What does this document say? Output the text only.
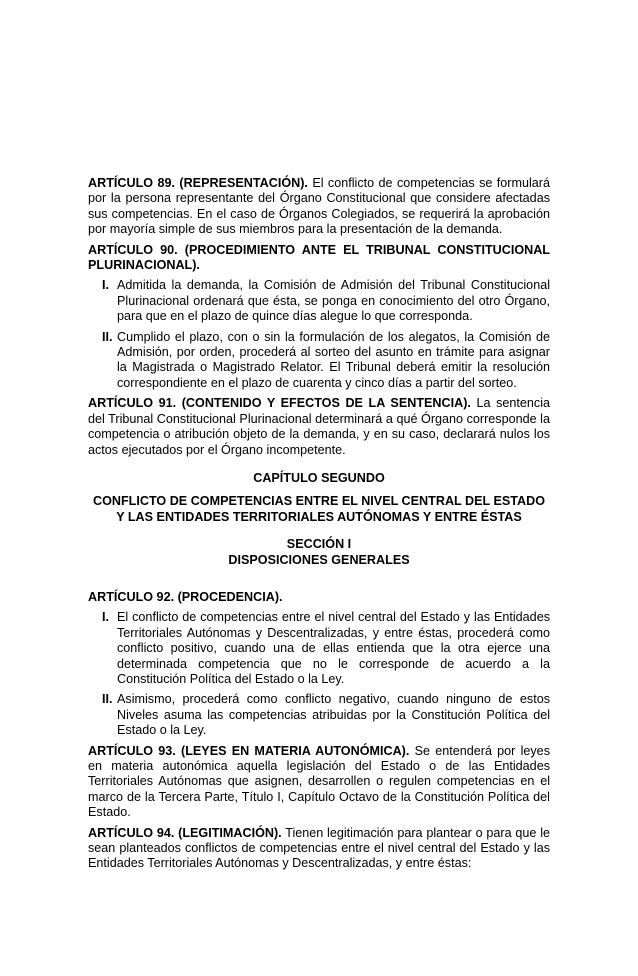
ARTÍCULO 89. (REPRESENTACIÓN). El conflicto de competencias se formulará por la persona representante del Órgano Constitucional que considere afectadas sus competencias. En el caso de Órganos Colegiados, se requerirá la aprobación por mayoría simple de sus miembros para la presentación de la demanda.

ARTÍCULO 90. (PROCEDIMIENTO ANTE EL TRIBUNAL CONSTITUCIONAL PLURINACIONAL).

I. Admitida la demanda, la Comisión de Admisión del Tribunal Constitucional Plurinacional ordenará que ésta, se ponga en conocimiento del otro Órgano, para que en el plazo de quince días alegue lo que corresponda.
II. Cumplido el plazo, con o sin la formulación de los alegatos, la Comisión de Admisión, por orden, procederá al sorteo del asunto en trámite para asignar la Magistrada o Magistrado Relator. El Tribunal deberá emitir la resolución correspondiente en el plazo de cuarenta y cinco días a partir del sorteo.

ARTÍCULO 91. (CONTENIDO Y EFECTOS DE LA SENTENCIA). La sentencia del Tribunal Constitucional Plurinacional determinará a qué Órgano corresponde la competencia o atribución objeto de la demanda, y en su caso, declarará nulos los actos ejecutados por el Órgano incompetente.

CAPÍTULO SEGUNDO

CONFLICTO DE COMPETENCIAS ENTRE EL NIVEL CENTRAL DEL ESTADO

Y LAS ENTIDADES TERRITORIALES AUTÓNOMAS Y ENTRE ÉSTAS

SECCIÓN I

DISPOSICIONES GENERALES

ARTÍCULO 92. (PROCEDENCIA).

I. El conflicto de competencias entre el nivel central del Estado y las Entidades Territoriales Autónomas y Descentralizadas, y entre éstas, procederá como conflicto positivo, cuando una de ellas entienda que la otra ejerce una determinada competencia que no le corresponde de acuerdo a la Constitución Política del Estado o la Ley.
II. Asimismo, procederá como conflicto negativo, cuando ninguno de estos Niveles asuma las competencias atribuidas por la Constitución Política del Estado o la Ley.

ARTÍCULO 93. (LEYES EN MATERIA AUTONÓMICA). Se entenderá por leyes en materia autonómica aquella legislación del Estado o de las Entidades Territoriales Autónomas que asignen, desarrollen o regulen competencias en el marco de la Tercera Parte, Título I, Capítulo Octavo de la Constitución Política del Estado.

ARTÍCULO 94. (LEGITIMACIÓN). Tienen legitimación para plantear o para que le sean planteados conflictos de competencias entre el nivel central del Estado y las Entidades Territoriales Autónomas y Descentralizadas, y entre éstas:
